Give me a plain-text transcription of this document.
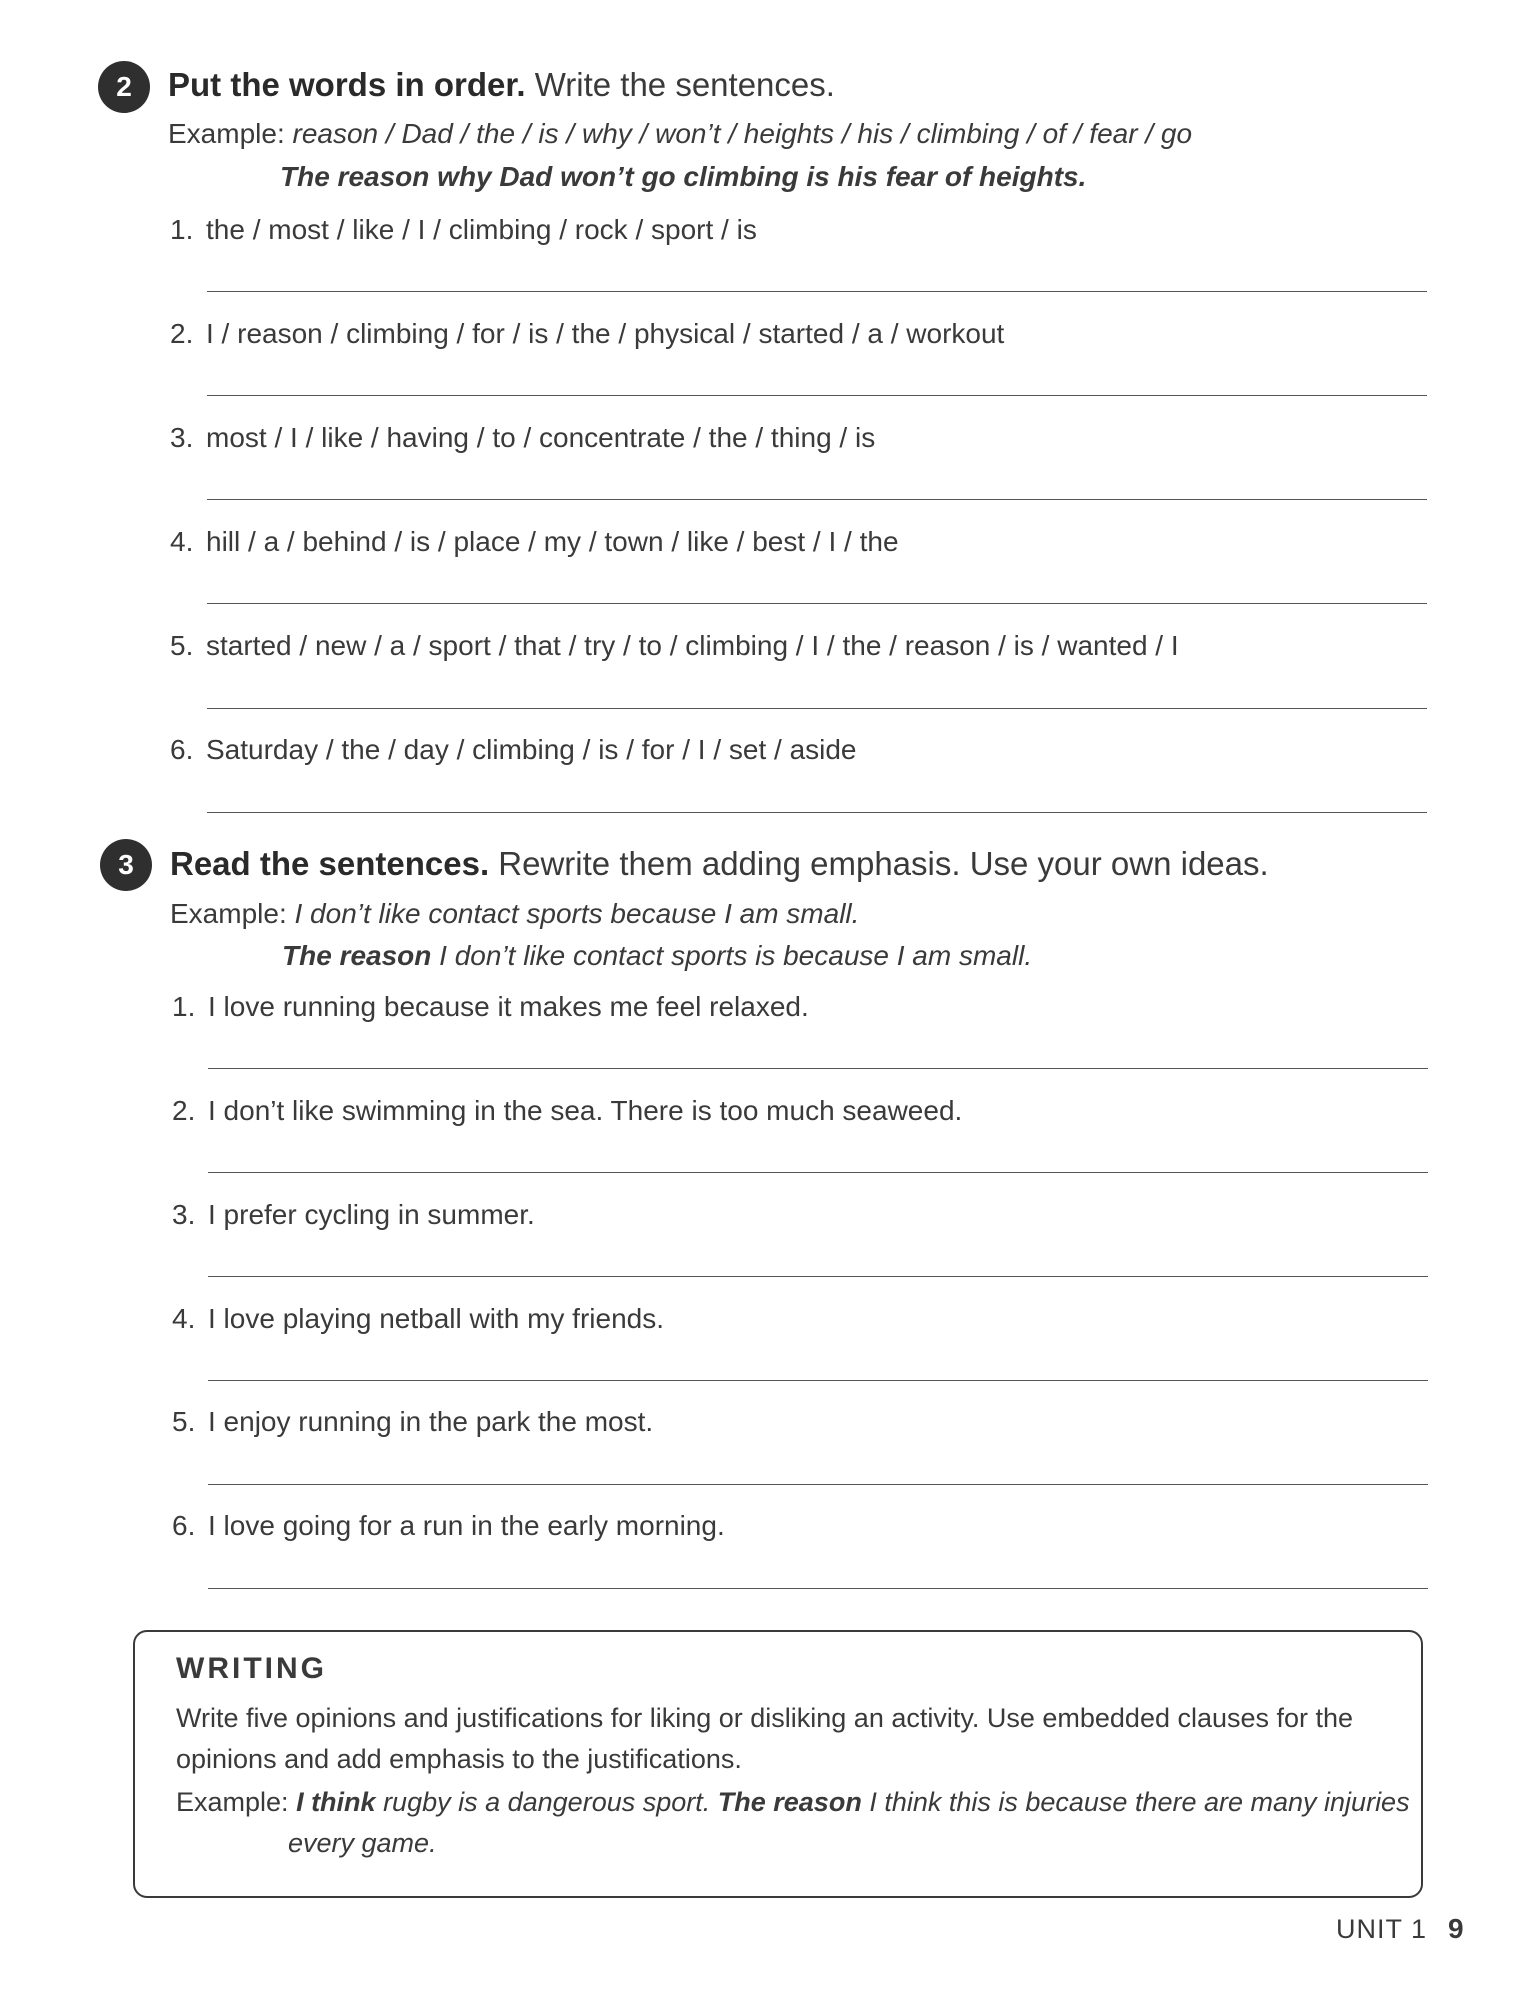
2 Put the words in order. Write the sentences.
Example: reason / Dad / the / is / why / won’t / heights / his / climbing / of / fear / go
The reason why Dad won’t go climbing is his fear of heights.
1. the / most / like / I / climbing / rock / sport / is
2. I / reason / climbing / for / is / the / physical / started / a / workout
3. most / I / like / having / to / concentrate / the / thing / is
4. hill / a / behind / is / place / my / town / like / best / I / the
5. started / new / a / sport / that / try / to / climbing / I / the / reason / is / wanted / I
6. Saturday / the / day / climbing / is / for / I / set / aside
3 Read the sentences. Rewrite them adding emphasis. Use your own ideas.
Example: I don’t like contact sports because I am small.
The reason I don’t like contact sports is because I am small.
1. I love running because it makes me feel relaxed.
2. I don’t like swimming in the sea. There is too much seaweed.
3. I prefer cycling in summer.
4. I love playing netball with my friends.
5. I enjoy running in the park the most.
6. I love going for a run in the early morning.
WRITING
Write five opinions and justifications for liking or disliking an activity. Use embedded clauses for the
opinions and add emphasis to the justifications.
Example: I think rugby is a dangerous sport. The reason I think this is because there are many injuries
every game.
UNIT 1 9
